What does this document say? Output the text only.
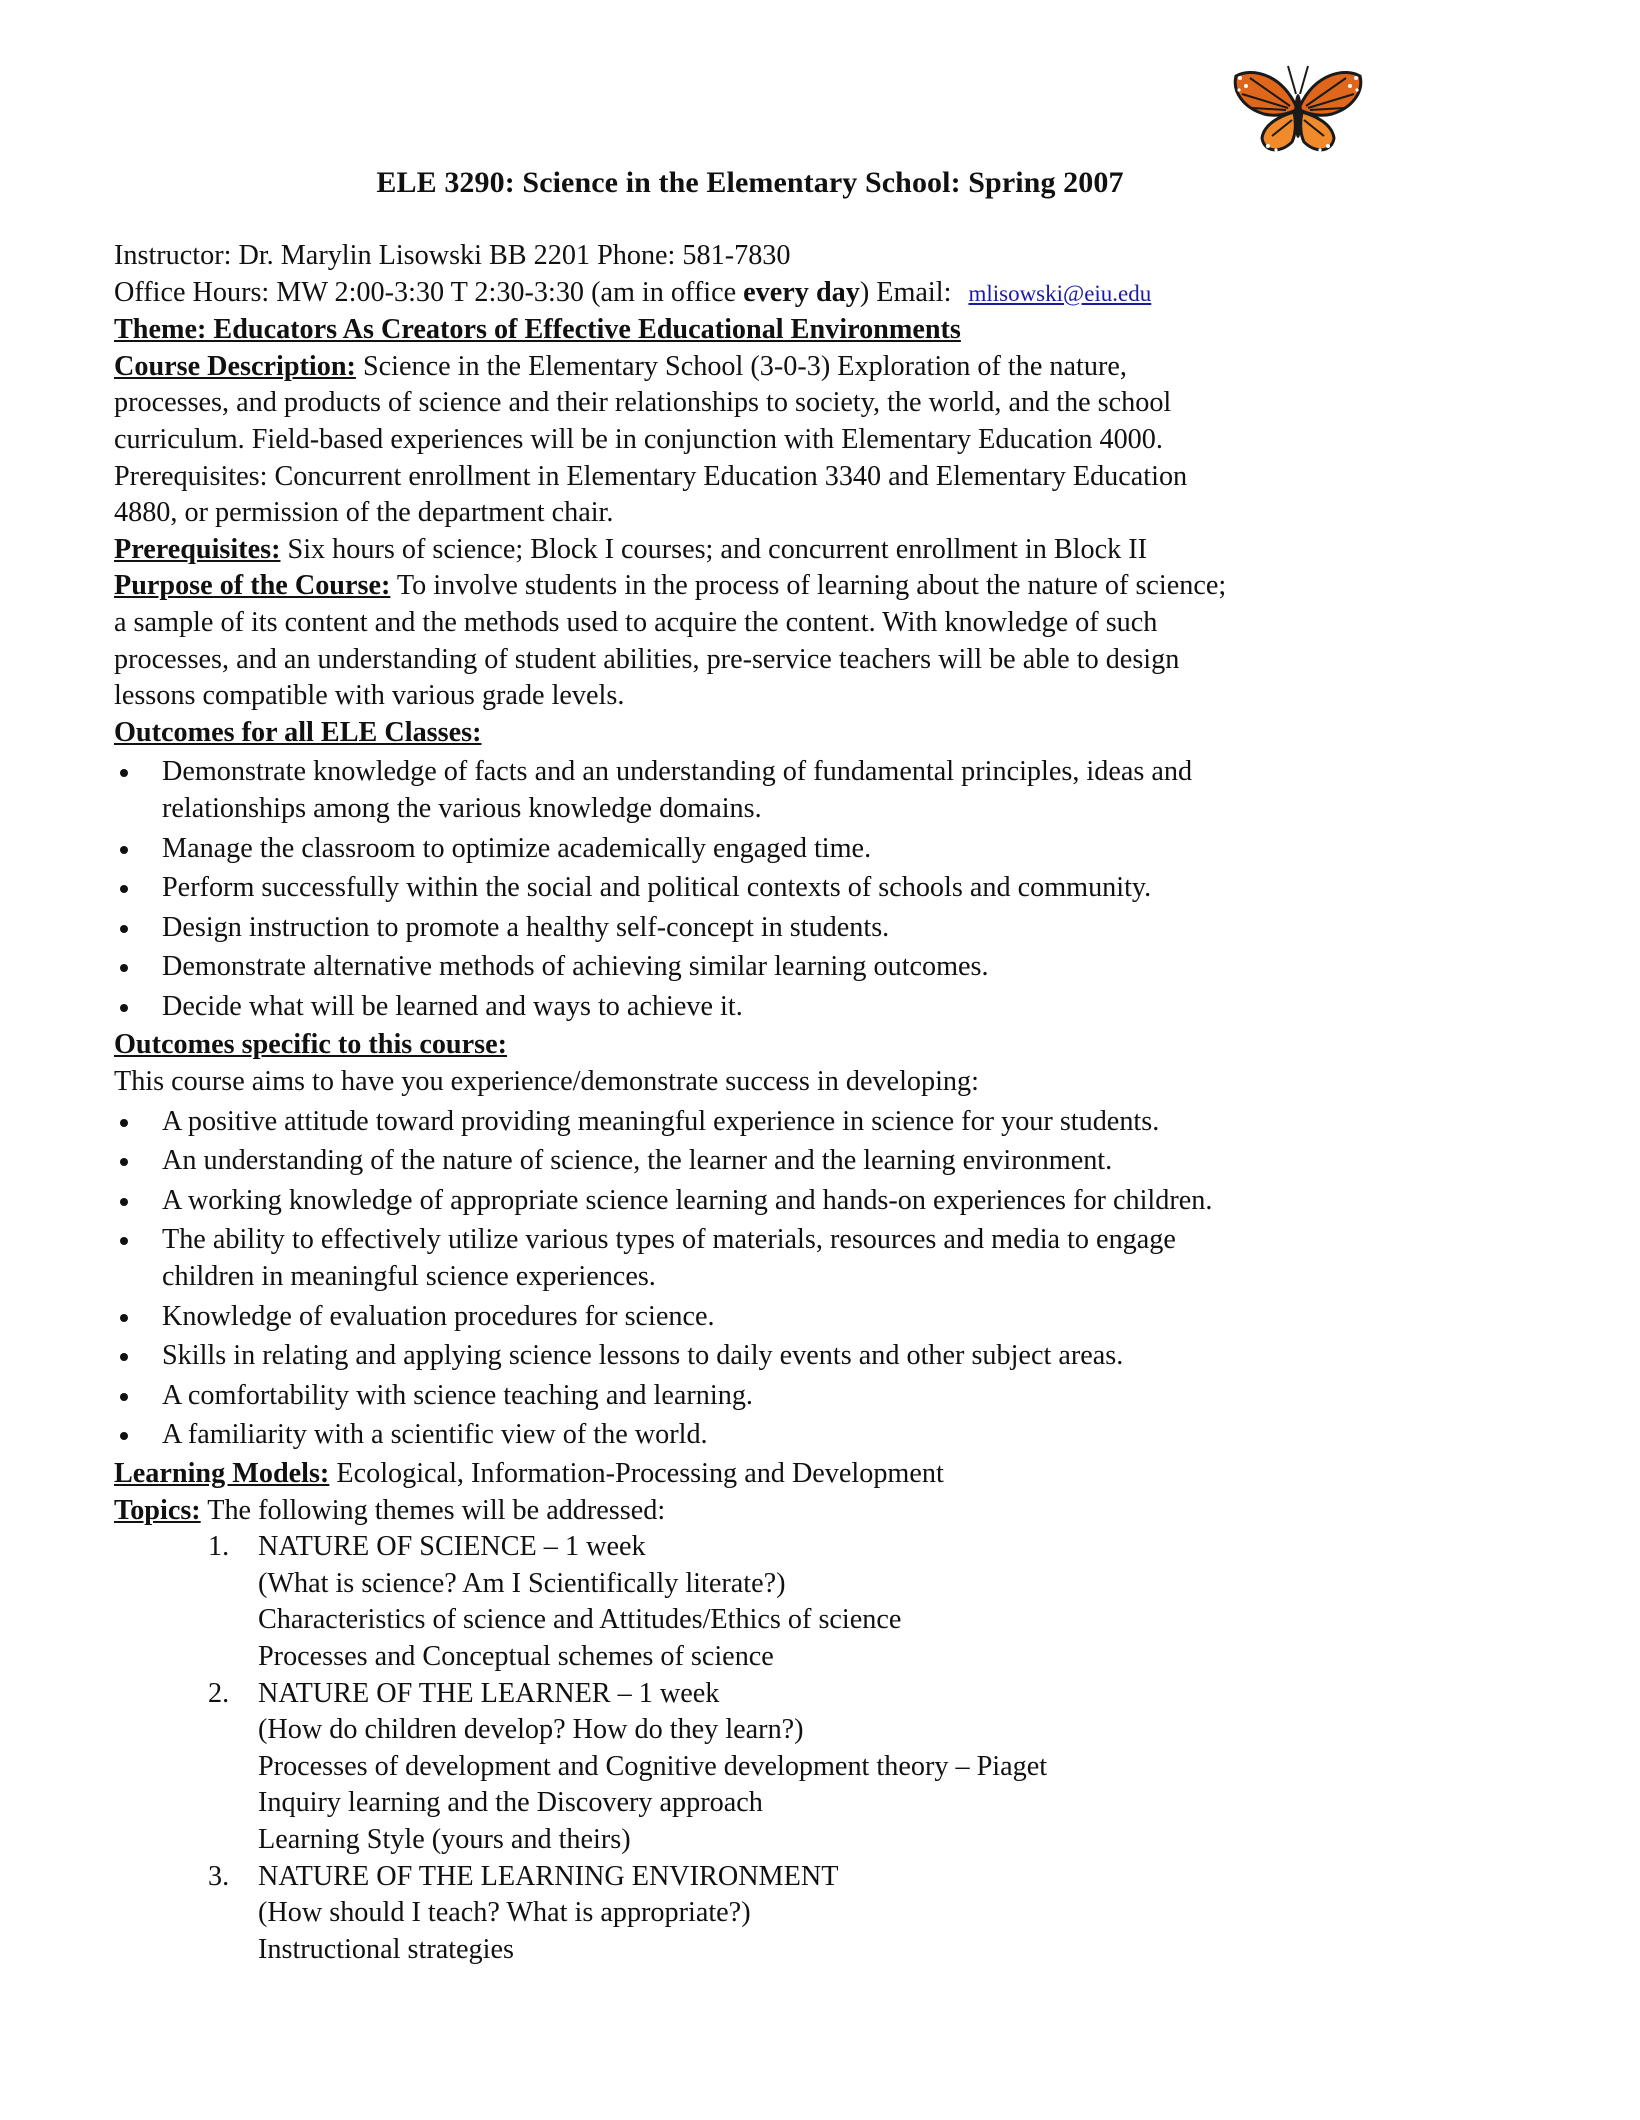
ELE 3290: Science in the Elementary School: Spring 2007
Instructor: Dr. Marylin Lisowski BB 2201 Phone: 581-7830
Office Hours: MW 2:00-3:30 T 2:30-3:30 (am in office every day) Email: mlisowski@eiu.edu
Theme: Educators As Creators of Effective Educational Environments
Course Description: Science in the Elementary School (3-0-3) Exploration of the nature,
processes, and products of science and their relationships to society, the world, and the school
curriculum. Field-based experiences will be in conjunction with Elementary Education 4000.
Prerequisites: Concurrent enrollment in Elementary Education 3340 and Elementary Education
4880, or permission of the department chair.
Prerequisites: Six hours of science; Block I courses; and concurrent enrollment in Block II
Purpose of the Course: To involve students in the process of learning about the nature of science;
a sample of its content and the methods used to acquire the content. With knowledge of such
processes, and an understanding of student abilities, pre-service teachers will be able to design
lessons compatible with various grade levels.
Outcomes for all ELE Classes:
Demonstrate knowledge of facts and an understanding of fundamental principles, ideas and
relationships among the various knowledge domains.
Manage the classroom to optimize academically engaged time.
Perform successfully within the social and political contexts of schools and community.
Design instruction to promote a healthy self-concept in students.
Demonstrate alternative methods of achieving similar learning outcomes.
Decide what will be learned and ways to achieve it.
Outcomes specific to this course:
This course aims to have you experience/demonstrate success in developing:
A positive attitude toward providing meaningful experience in science for your students.
An understanding of the nature of science, the learner and the learning environment.
A working knowledge of appropriate science learning and hands-on experiences for children.
The ability to effectively utilize various types of materials, resources and media to engage
children in meaningful science experiences.
Knowledge of evaluation procedures for science.
Skills in relating and applying science lessons to daily events and other subject areas.
A comfortability with science teaching and learning.
A familiarity with a scientific view of the world.
Learning Models: Ecological, Information-Processing and Development
Topics: The following themes will be addressed:
1. NATURE OF SCIENCE – 1 week
(What is science? Am I Scientifically literate?)
Characteristics of science and Attitudes/Ethics of science
Processes and Conceptual schemes of science
2. NATURE OF THE LEARNER – 1 week
(How do children develop? How do they learn?)
Processes of development and Cognitive development theory – Piaget
Inquiry learning and the Discovery approach
Learning Style (yours and theirs)
3. NATURE OF THE LEARNING ENVIRONMENT
(How should I teach? What is appropriate?)
Instructional strategies
